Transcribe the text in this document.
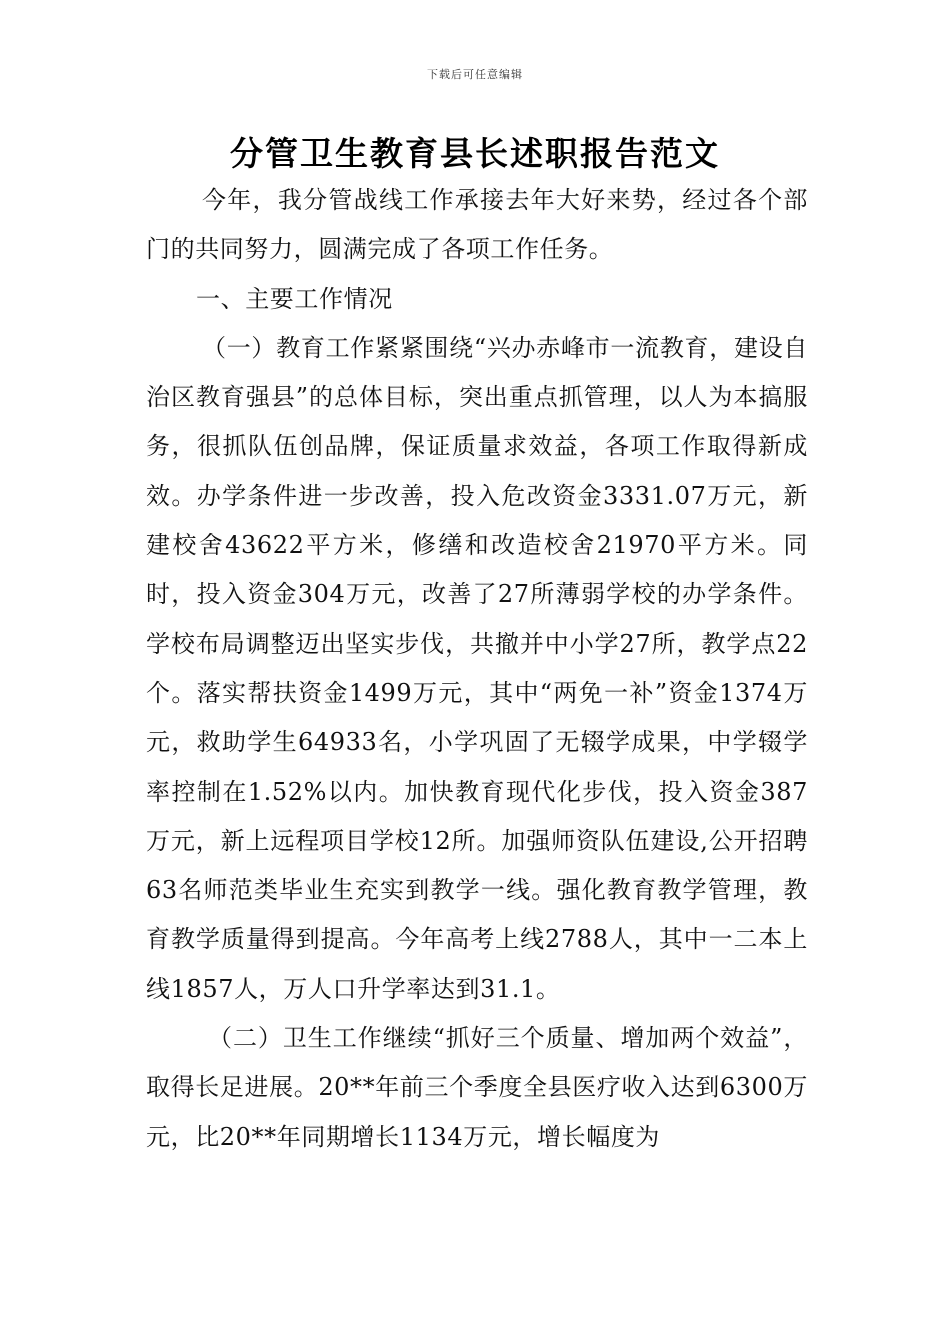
下载后可任意编辑
分管卫生教育县长述职报告范文

今年，我分管战线工作承接去年大好来势，经过各个部门的共同努力，圆满完成了各项工作任务。

一、主要工作情况

（一）教育工作紧紧围绕“兴办赤峰市一流教育，建设自治区教育强县”的总体目标，突出重点抓管理，以人为本搞服务，很抓队伍创品牌，保证质量求效益，各项工作取得新成效。办学条件进一步改善，投入危改资金3331.07万元，新建校舍43622平方米，修缮和改造校舍21970平方米。同时，投入资金304万元，改善了27所薄弱学校的办学条件。学校布局调整迈出坚实步伐，共撤并中小学27所，教学点22个。落实帮扶资金1499万元，其中“两免一补”资金1374万元，救助学生64933名，小学巩固了无辍学成果，中学辍学率控制在1.52%以内。加快教育现代化步伐，投入资金387万元，新上远程项目学校12所。加强师资队伍建设,公开招聘63名师范类毕业生充实到教学一线。强化教育教学管理，教育教学质量得到提高。今年高考上线2788人，其中一二本上线1857人，万人口升学率达到31.1。

（二）卫生工作继续“抓好三个质量、增加两个效益”，取得长足进展。20**年前三个季度全县医疗收入达到6300万元，比20**年同期增长1134万元，增长幅度为
